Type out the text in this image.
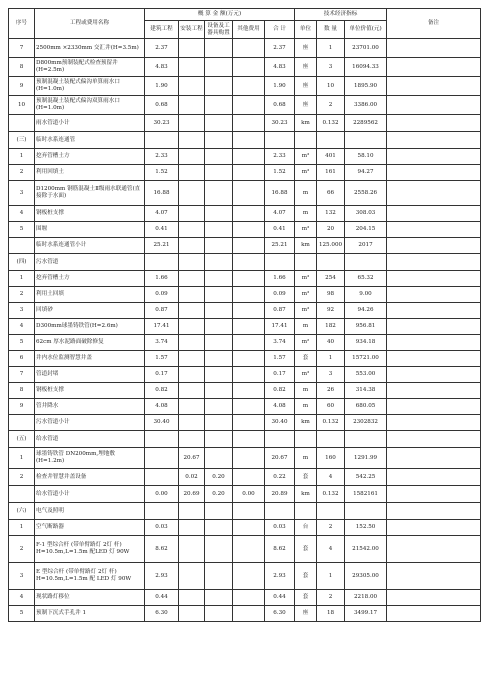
序号	工程或费用名称	概 算 金 额(万元)					技术经济指标			备注
		建筑工程	安装工程	设备及工器具购置	其他费用	合 计	单位	数 量	单位价值(元)	
7	2500mm ×2330mm 交汇井(H=3.5m)	2.37				2.37	座	1	23701.00	
8	D800mm预制装配式检查预留井(H=2.5m)	4.83				4.83	座	3	16094.33	
9	预制混凝土装配式偏沟单算雨水口(H=1.0m)	1.90				1.90	座	10	1895.90	
10	预制混凝土装配式偏沟双算雨水口(H=1.0m)	0.68				0.68	座	2	3386.00	
	雨水管道小计	30.23				30.23	km	0.132	2289562	
(三)	临时水系连通管									
1	挖弃管槽土方	2.33				2.33	m³	401	58.10	
2	利用回填土	1.52				1.52	m³	161	94.27	
3	D1200mm 钢筋混凝土Ⅱ级雨水联通管(直接除于水面)	16.88				16.88	m	66	2558.26	
4	钢板桩支撑	4.07				4.07	m	132	308.03	
5	围堰	0.41				0.41	m³	20	204.15	
	临时水系连通管小计	25.21				25.21	km	125.000	2017	
(四)	污水管道									
1	挖弃管槽土方	1.66				1.66	m³	254	65.32	
2	利用土回填	0.09				0.09	m³	98	9.00	
3	回填砂	0.87				0.87	m³	92	94.26	
4	D300mm球墨铸铁管(H=2.6m)	17.41				17.41	m	182	956.81	
5	62cm 厚水泥路面破除修复	3.74				3.74	m²	40	934.18	
6	井内水位监测智慧井盖	1.57				1.57	套	1	15721.00	
7	管道封堵	0.17				0.17	m³	3	553.00	
8	钢板桩支撑	0.82				0.82	m	26	314.38	
9	管井降水	4.08				4.08	m	60	680.05	
	污水管道小计	30.40				30.40	km	0.132	2302832	
(五)	给水管道									
1	球墨铸铁管 DN200mm,埋地敷(H=1.2m)		20.67			20.67	m	160	1291.99	
2	检查井智慧井盖设备		0.02	0.20		0.22	套	4	542.25	
	给水管道小计	0.00	20.69	0.20	0.00	20.89	km	0.132	1582161	
(六)	电气及照明									
1	空气断路器	0.03				0.03	台	2	152.50	
2	F-1 型综合杆 (带单臂路灯 2灯 杆) H=10.5m,L=1.5m 配LED 灯 90W	8.62				8.62	套	4	21542.00	
3	E 型综合杆 (带单臂路灯 2灯 杆) H=10.5m,L=1.5m 配 LED 灯 90W	2.93				2.93	套	1	29305.00	
4	现状路灯移位	0.44				0.44	套	2	2218.00	
5	预制下沉式手孔井 1	6.30				6.30	座	18	3499.17	
